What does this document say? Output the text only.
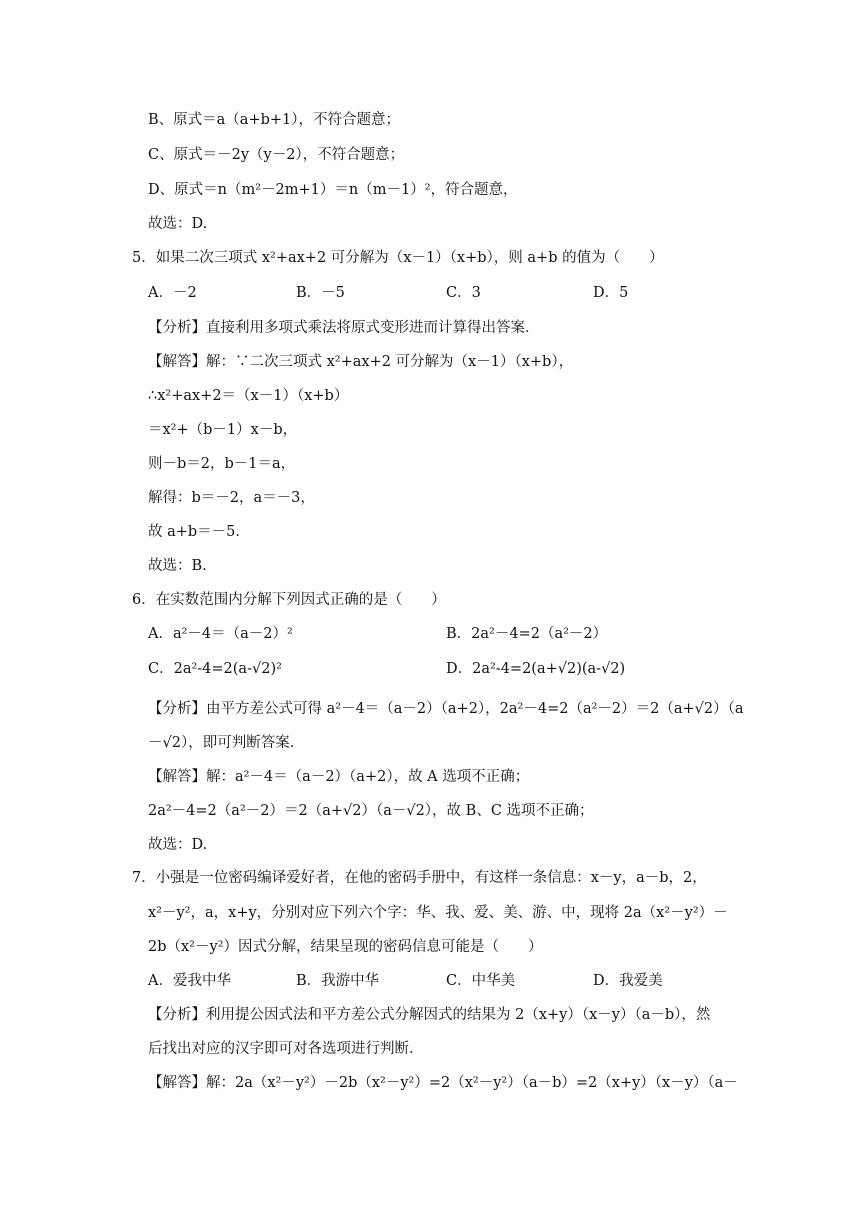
B、原式＝a（a+b+1），不符合题意；
C、原式＝－2y（y－2），不符合题意；
D、原式＝n（m²－2m+1）＝n（m－1）²，符合题意，
故选：D.
5．如果二次三项式 x²+ax+2 可分解为（x－1）（x+b），则 a+b 的值为（　　）
A．－2	B．－5	C．3	D．5
【分析】直接利用多项式乘法将原式变形进而计算得出答案．
【解答】解：∵二次三项式 x²+ax+2 可分解为（x－1）（x+b），
∴x²+ax+2＝（x－1）（x+b）
＝x²+（b－1）x－b，
则－b＝2，b－1＝a，
解得：b＝－2，a＝－3，
故 a+b＝－5．
故选：B.
6．在实数范围内分解下列因式正确的是（　　）
A．a²－4＝（a－2）²	B．2a²－4=2（a²－2）
C．2a²-4=2(a-√2)²	D．2a²-4=2(a+√2)(a-√2)
【分析】由平方差公式可得 a²－4＝（a－2）（a+2），2a²－4=2（a²－2）＝2（a+√2）（a
－√2），即可判断答案．
【解答】解：a²－4＝（a－2）（a+2），故 A 选项不正确；
2a²－4=2（a²－2）＝2（a+√2）（a－√2），故 B、C 选项不正确；
故选：D.
7．小强是一位密码编译爱好者，在他的密码手册中，有这样一条信息：x－y，a－b，2，
x²－y²，a，x+y，分别对应下列六个字：华、我、爱、美、游、中，现将 2a（x²－y²）－
2b（x²－y²）因式分解，结果呈现的密码信息可能是（　　）
A．爱我中华	B．我游中华	C．中华美	D．我爱美
【分析】利用提公因式法和平方差公式分解因式的结果为 2（x+y）（x－y）（a－b），然
后找出对应的汉字即可对各选项进行判断．
【解答】解：2a（x²－y²）－2b（x²－y²）=2（x²－y²）（a－b）=2（x+y）（x－y）（a－
